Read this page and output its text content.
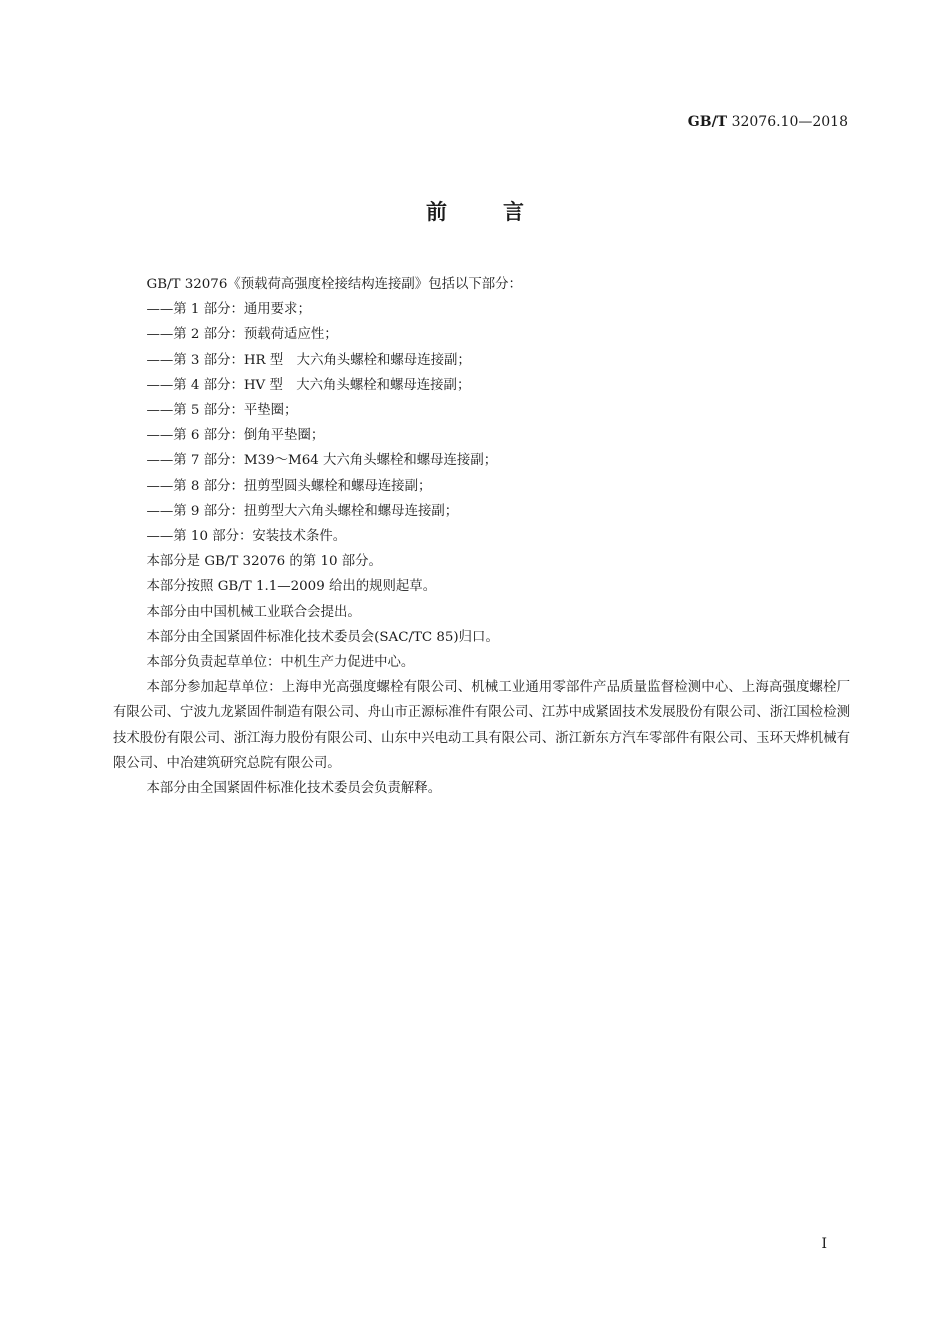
GB/T 32076.10—2018
前言

GB/T 32076《预载荷高强度栓接结构连接副》包括以下部分：

——第 1 部分：通用要求；

——第 2 部分：预载荷适应性；

——第 3 部分：HR 型　大六角头螺栓和螺母连接副；

——第 4 部分：HV 型　大六角头螺栓和螺母连接副；

——第 5 部分：平垫圈；

——第 6 部分：倒角平垫圈；

——第 7 部分：M39～M64 大六角头螺栓和螺母连接副；

——第 8 部分：扭剪型圆头螺栓和螺母连接副；

——第 9 部分：扭剪型大六角头螺栓和螺母连接副；

——第 10 部分：安装技术条件。

本部分是 GB/T 32076 的第 10 部分。

本部分按照 GB/T 1.1—2009 给出的规则起草。

本部分由中国机械工业联合会提出。

本部分由全国紧固件标准化技术委员会(SAC/TC 85)归口。

本部分负责起草单位：中机生产力促进中心。

本部分参加起草单位：上海申光高强度螺栓有限公司、机械工业通用零部件产品质量监督检测中心、上海高强度螺栓厂有限公司、宁波九龙紧固件制造有限公司、舟山市正源标准件有限公司、江苏中成紧固技术发展股份有限公司、浙江国检检测技术股份有限公司、浙江海力股份有限公司、山东中兴电动工具有限公司、浙江新东方汽车零部件有限公司、玉环天烨机械有限公司、中冶建筑研究总院有限公司。

本部分由全国紧固件标准化技术委员会负责解释。

I
